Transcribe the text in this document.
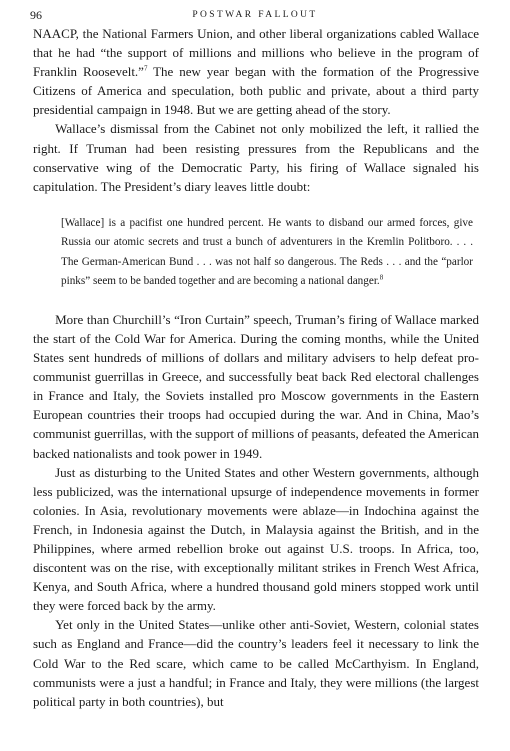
96	POSTWAR FALLOUT

NAACP, the National Farmers Union, and other liberal organizations cabled Wallace that he had “the support of millions and millions who believe in the program of Franklin Roosevelt.”$^7$ The new year began with the formation of the Progressive Citizens of America and speculation, both public and private, about a third party presidential campaign in 1948. But we are getting ahead of the story.

Wallace’s dismissal from the Cabinet not only mobilized the left, it rallied the right. If Truman had been resisting pressures from the Republicans and the conservative wing of the Democratic Party, his firing of Wallace signaled his capitulation. The President’s diary leaves little doubt:

[Wallace] is a pacifist one hundred percent. He wants to disband our armed forces, give Russia our atomic secrets and trust a bunch of adventurers in the Kremlin Politboro. . . . The German-American Bund . . . was not half so dangerous. The Reds . . . and the “parlor pinks” seem to be banded together and are becoming a national danger.$^8$

More than Churchill’s “Iron Curtain” speech, Truman’s firing of Wallace marked the start of the Cold War for America. During the coming months, while the United States sent hundreds of millions of dollars and military advisers to help defeat pro-communist guerrillas in Greece, and successfully beat back Red electoral challenges in France and Italy, the Soviets installed pro Moscow governments in the Eastern European countries their troops had occupied during the war. And in China, Mao’s communist guerrillas, with the support of millions of peasants, defeated the American backed nationalists and took power in 1949.

Just as disturbing to the United States and other Western governments, although less publicized, was the international upsurge of independence movements in former colonies. In Asia, revolutionary movements were ablaze—in Indochina against the French, in Indonesia against the Dutch, in Malaysia against the British, and in the Philippines, where armed rebellion broke out against U.S. troops. In Africa, too, discontent was on the rise, with exceptionally militant strikes in French West Africa, Kenya, and South Africa, where a hundred thousand gold miners stopped work until they were forced back by the army.

Yet only in the United States—unlike other anti-Soviet, Western, colonial states such as England and France—did the country’s leaders feel it necessary to link the Cold War to the Red scare, which came to be called McCarthyism. In England, communists were a just a handful; in France and Italy, they were millions (the largest political party in both countries), but
